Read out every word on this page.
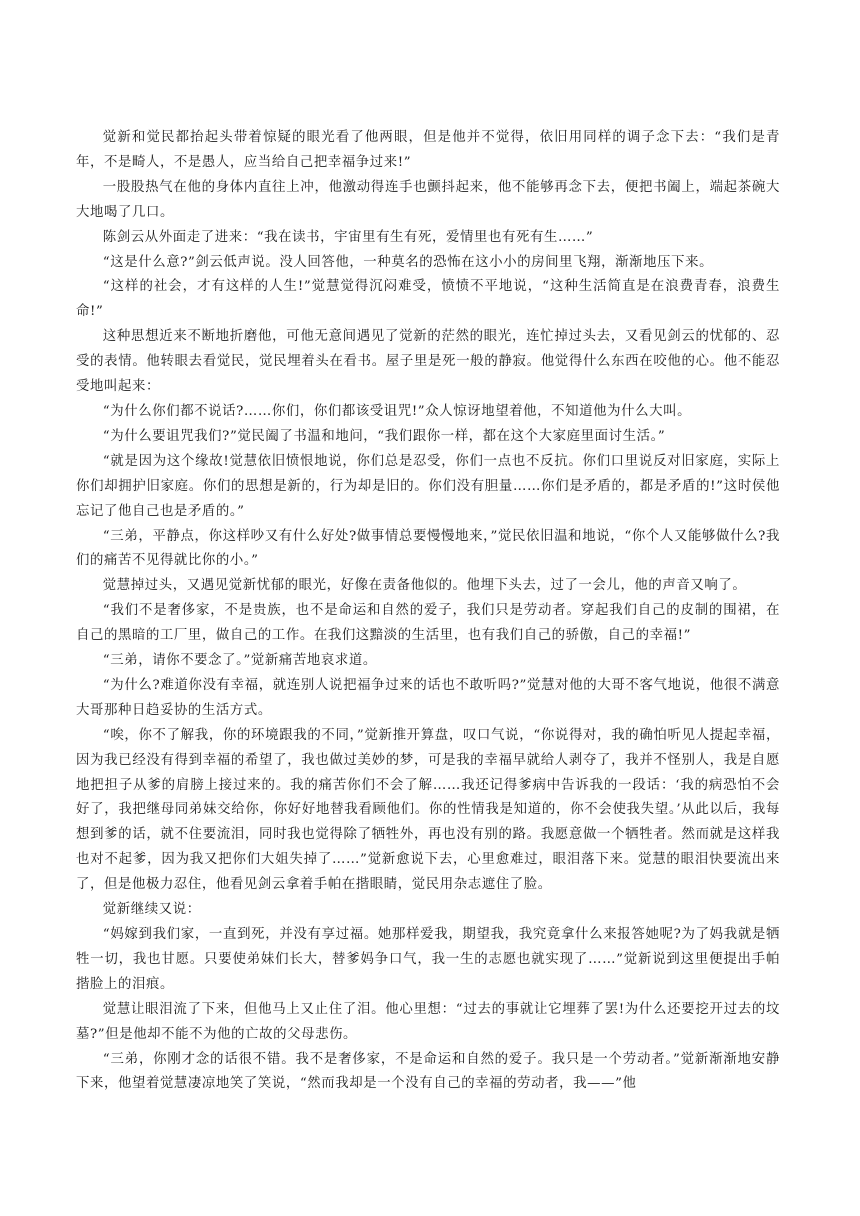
觉新和觉民都抬起头带着惊疑的眼光看了他两眼，但是他并不觉得，依旧用同样的调子念下去：“我们是青年，不是畸人，不是愚人，应当给自己把幸福争过来!”

一股股热气在他的身体内直往上冲，他激动得连手也颤抖起来，他不能够再念下去，便把书阖上，端起茶碗大大地喝了几口。

陈剑云从外面走了进来：“我在读书，宇宙里有生有死，爱情里也有死有生……”

“这是什么意?”剑云低声说。没人回答他，一种莫名的恐怖在这小小的房间里飞翔，渐渐地压下来。

“这样的社会，才有这样的人生!”觉慧觉得沉闷难受，愤愤不平地说，“这种生活简直是在浪费青春，浪费生命!”

这种思想近来不断地折磨他，可他无意间遇见了觉新的茫然的眼光，连忙掉过头去，又看见剑云的忧郁的、忍受的表情。他转眼去看觉民，觉民埋着头在看书。屋子里是死一般的静寂。他觉得什么东西在咬他的心。他不能忍受地叫起来：

“为什么你们都不说话?……你们，你们都该受诅咒!”众人惊讶地望着他，不知道他为什么大叫。

“为什么要诅咒我们?”觉民阖了书温和地问，“我们跟你一样，都在这个大家庭里面讨生活。”

“就是因为这个缘故!觉慧依旧愤恨地说，你们总是忍受，你们一点也不反抗。你们口里说反对旧家庭，实际上你们却拥护旧家庭。你们的思想是新的，行为却是旧的。你们没有胆量……你们是矛盾的，都是矛盾的!”这时侯他忘记了他自己也是矛盾的。”

“三弟，平静点，你这样吵又有什么好处?做事情总要慢慢地来，”觉民依旧温和地说，“你个人又能够做什么?我们的痛苦不见得就比你的小。”

觉慧掉过头，又遇见觉新忧郁的眼光，好像在责备他似的。他埋下头去，过了一会儿，他的声音又响了。

“我们不是奢侈家，不是贵族，也不是命运和自然的爱子，我们只是劳动者。穿起我们自己的皮制的围裙，在自己的黑暗的工厂里，做自己的工作。在我们这黯淡的生活里，也有我们自己的骄傲，自己的幸福!”

“三弟，请你不要念了。”觉新痛苦地哀求道。

“为什么?难道你没有幸福，就连别人说把福争过来的话也不敢听吗?”觉慧对他的大哥不客气地说，他很不满意大哥那种日趋妥协的生活方式。

“唉，你不了解我，你的环境跟我的不同，”觉新推开算盘，叹口气说，“你说得对，我的确怕听见人提起幸福，因为我已经没有得到幸福的希望了，我也做过美妙的梦，可是我的幸福早就给人剥夺了，我并不怪别人，我是自愿地把担子从爹的肩膀上接过来的。我的痛苦你们不会了解……我还记得爹病中告诉我的一段话：‘我的病恐怕不会好了，我把继母同弟妹交给你，你好好地替我看顾他们。你的性情我是知道的，你不会使我失望。’从此以后，我每想到爹的话，就不住要流泪，同时我也觉得除了牺牲外，再也没有别的路。我愿意做一个牺牲者。然而就是这样我也对不起爹，因为我又把你们大姐失掉了……”觉新愈说下去，心里愈难过，眼泪落下来。觉慧的眼泪快要流出来了，但是他极力忍住，他看见剑云拿着手帕在揩眼睛，觉民用杂志遮住了脸。

觉新继续又说：

“妈嫁到我们家，一直到死，并没有享过福。她那样爱我，期望我，我究竟拿什么来报答她呢?为了妈我就是牺牲一切，我也甘愿。只要使弟妹们长大，替爹妈争口气，我一生的志愿也就实现了……”觉新说到这里便提出手帕揩脸上的泪痕。

觉慧让眼泪流了下来，但他马上又止住了泪。他心里想：“过去的事就让它埋葬了罢!为什么还要挖开过去的坟墓?”但是他却不能不为他的亡故的父母悲伤。

“三弟，你刚才念的话很不错。我不是奢侈家，不是命运和自然的爱子。我只是一个劳动者。”觉新渐渐地安静下来，他望着觉慧凄凉地笑了笑说，“然而我却是一个没有自己的幸福的劳动者，我——”他
